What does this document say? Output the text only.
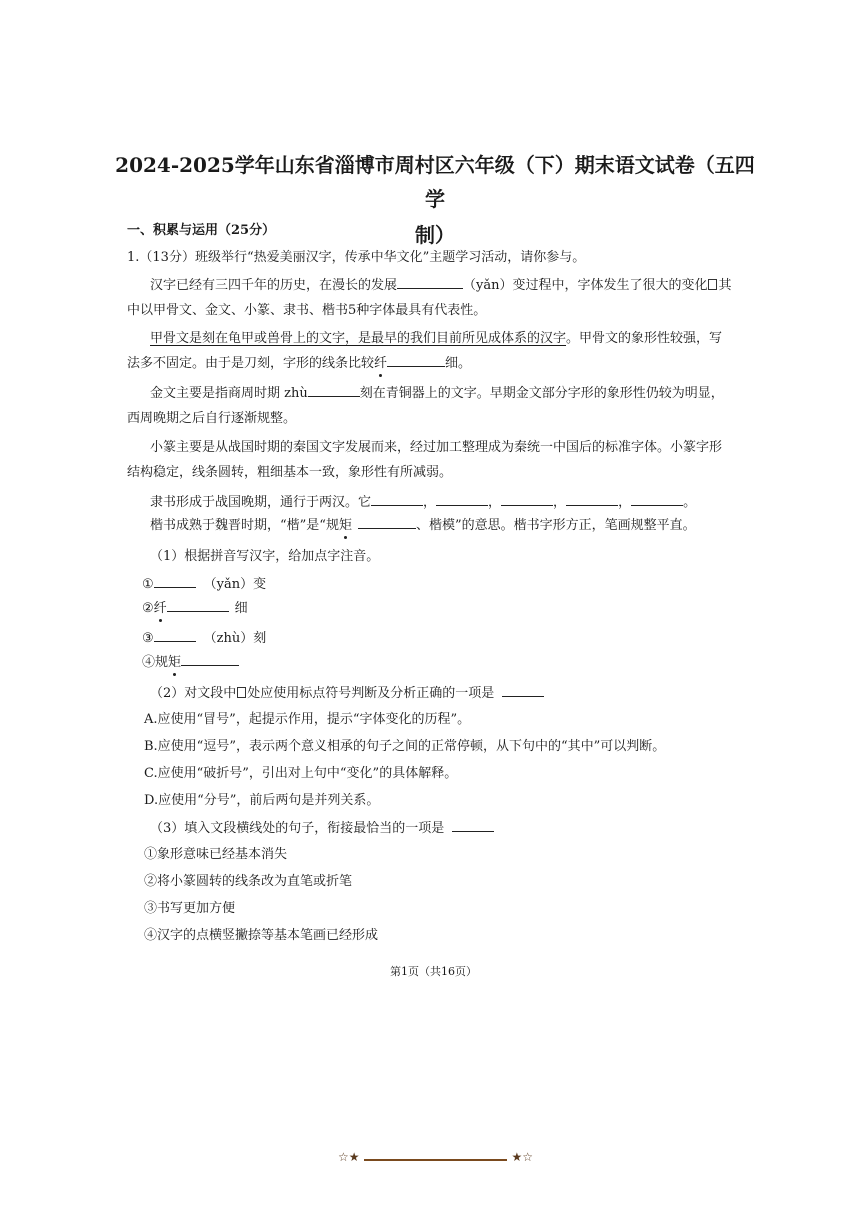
2024-2025学年山东省淄博市周村区六年级（下）期末语文试卷（五四学
制）
一、积累与运用（25分）
1.（13分）班级举行“热爱美丽汉字，传承中华文化”主题学习活动，请你参与。
汉字已经有三四千年的历史，在漫长的发展	（yǎn）变过程中，字体发生了很大的变化 其
中以甲骨文、金文、小篆、隶书、楷书5种字体最具有代表性。
甲骨文是刻在龟甲或兽骨上的文字，是最早的我们目前所见成体系的汉字。甲骨文的象形性较强，写
法多不固定。由于是刀刻，字形的线条比较纤	细。
金文主要是指商周时期 zhù	刻在青铜器上的文字。早期金文部分字形的象形性仍较为明显，
西周晚期之后自行逐渐规整。
小篆主要是从战国时期的秦国文字发展而来，经过加工整理成为秦统一中国后的标准字体。小篆字形
结构稳定，线条圆转，粗细基本一致，象形性有所减弱。
隶书形成于战国晚期，通行于两汉。它	，	，	，	，	。
楷书成熟于魏晋时期，“楷”是“规矩	、楷模”的意思。楷书字形方正，笔画规整平直。
（1）根据拼音写汉字，给加点字注音。
①	（yǎn）变
②纤	细
③	（zhù）刻
④规矩
（2）对文段中 处应使用标点符号判断及分析正确的一项是
A.应使用“冒号”，起提示作用，提示“字体变化的历程”。
B.应使用“逗号”，表示两个意义相承的句子之间的正常停顿，从下句中的“其中”可以判断。
C.应使用“破折号”，引出对上句中“变化”的具体解释。
D.应使用“分号”，前后两句是并列关系。
（3）填入文段横线处的句子，衔接最恰当的一项是
①象形意味已经基本消失
②将小篆圆转的线条改为直笔或折笔
③书写更加方便
④汉字的点横竖撇捺等基本笔画已经形成
第1页（共16页）
☆★	★☆
